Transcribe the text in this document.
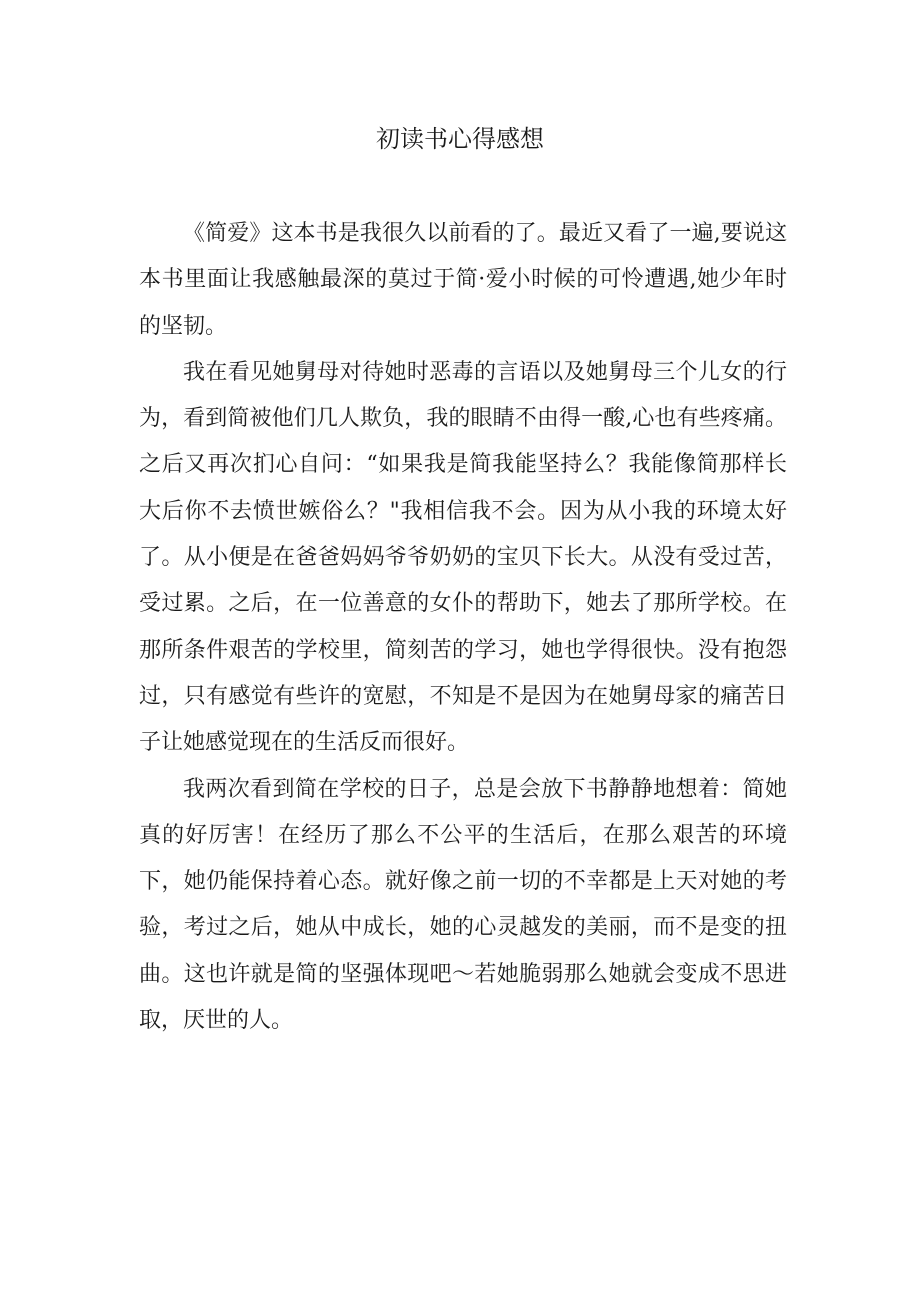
初读书心得感想

《简爱》这本书是我很久以前看的了。最近又看了一遍,要说这本书里面让我感触最深的莫过于简·爱小时候的可怜遭遇,她少年时的坚韧。

我在看见她舅母对待她时恶毒的言语以及她舅母三个儿女的行为，看到简被他们几人欺负，我的眼睛不由得一酸,心也有些疼痛。之后又再次扪心自问：“如果我是简我能坚持么？我能像简那样长大后你不去愤世嫉俗么？"我相信我不会。因为从小我的环境太好了。从小便是在爸爸妈妈爷爷奶奶的宝贝下长大。从没有受过苦，受过累。之后，在一位善意的女仆的帮助下，她去了那所学校。在那所条件艰苦的学校里，简刻苦的学习，她也学得很快。没有抱怨过，只有感觉有些许的宽慰，不知是不是因为在她舅母家的痛苦日子让她感觉现在的生活反而很好。

我两次看到简在学校的日子，总是会放下书静静地想着：简她真的好厉害！在经历了那么不公平的生活后，在那么艰苦的环境下，她仍能保持着心态。就好像之前一切的不幸都是上天对她的考验，考过之后，她从中成长，她的心灵越发的美丽，而不是变的扭曲。这也许就是简的坚强体现吧～若她脆弱那么她就会变成不思进取，厌世的人。
